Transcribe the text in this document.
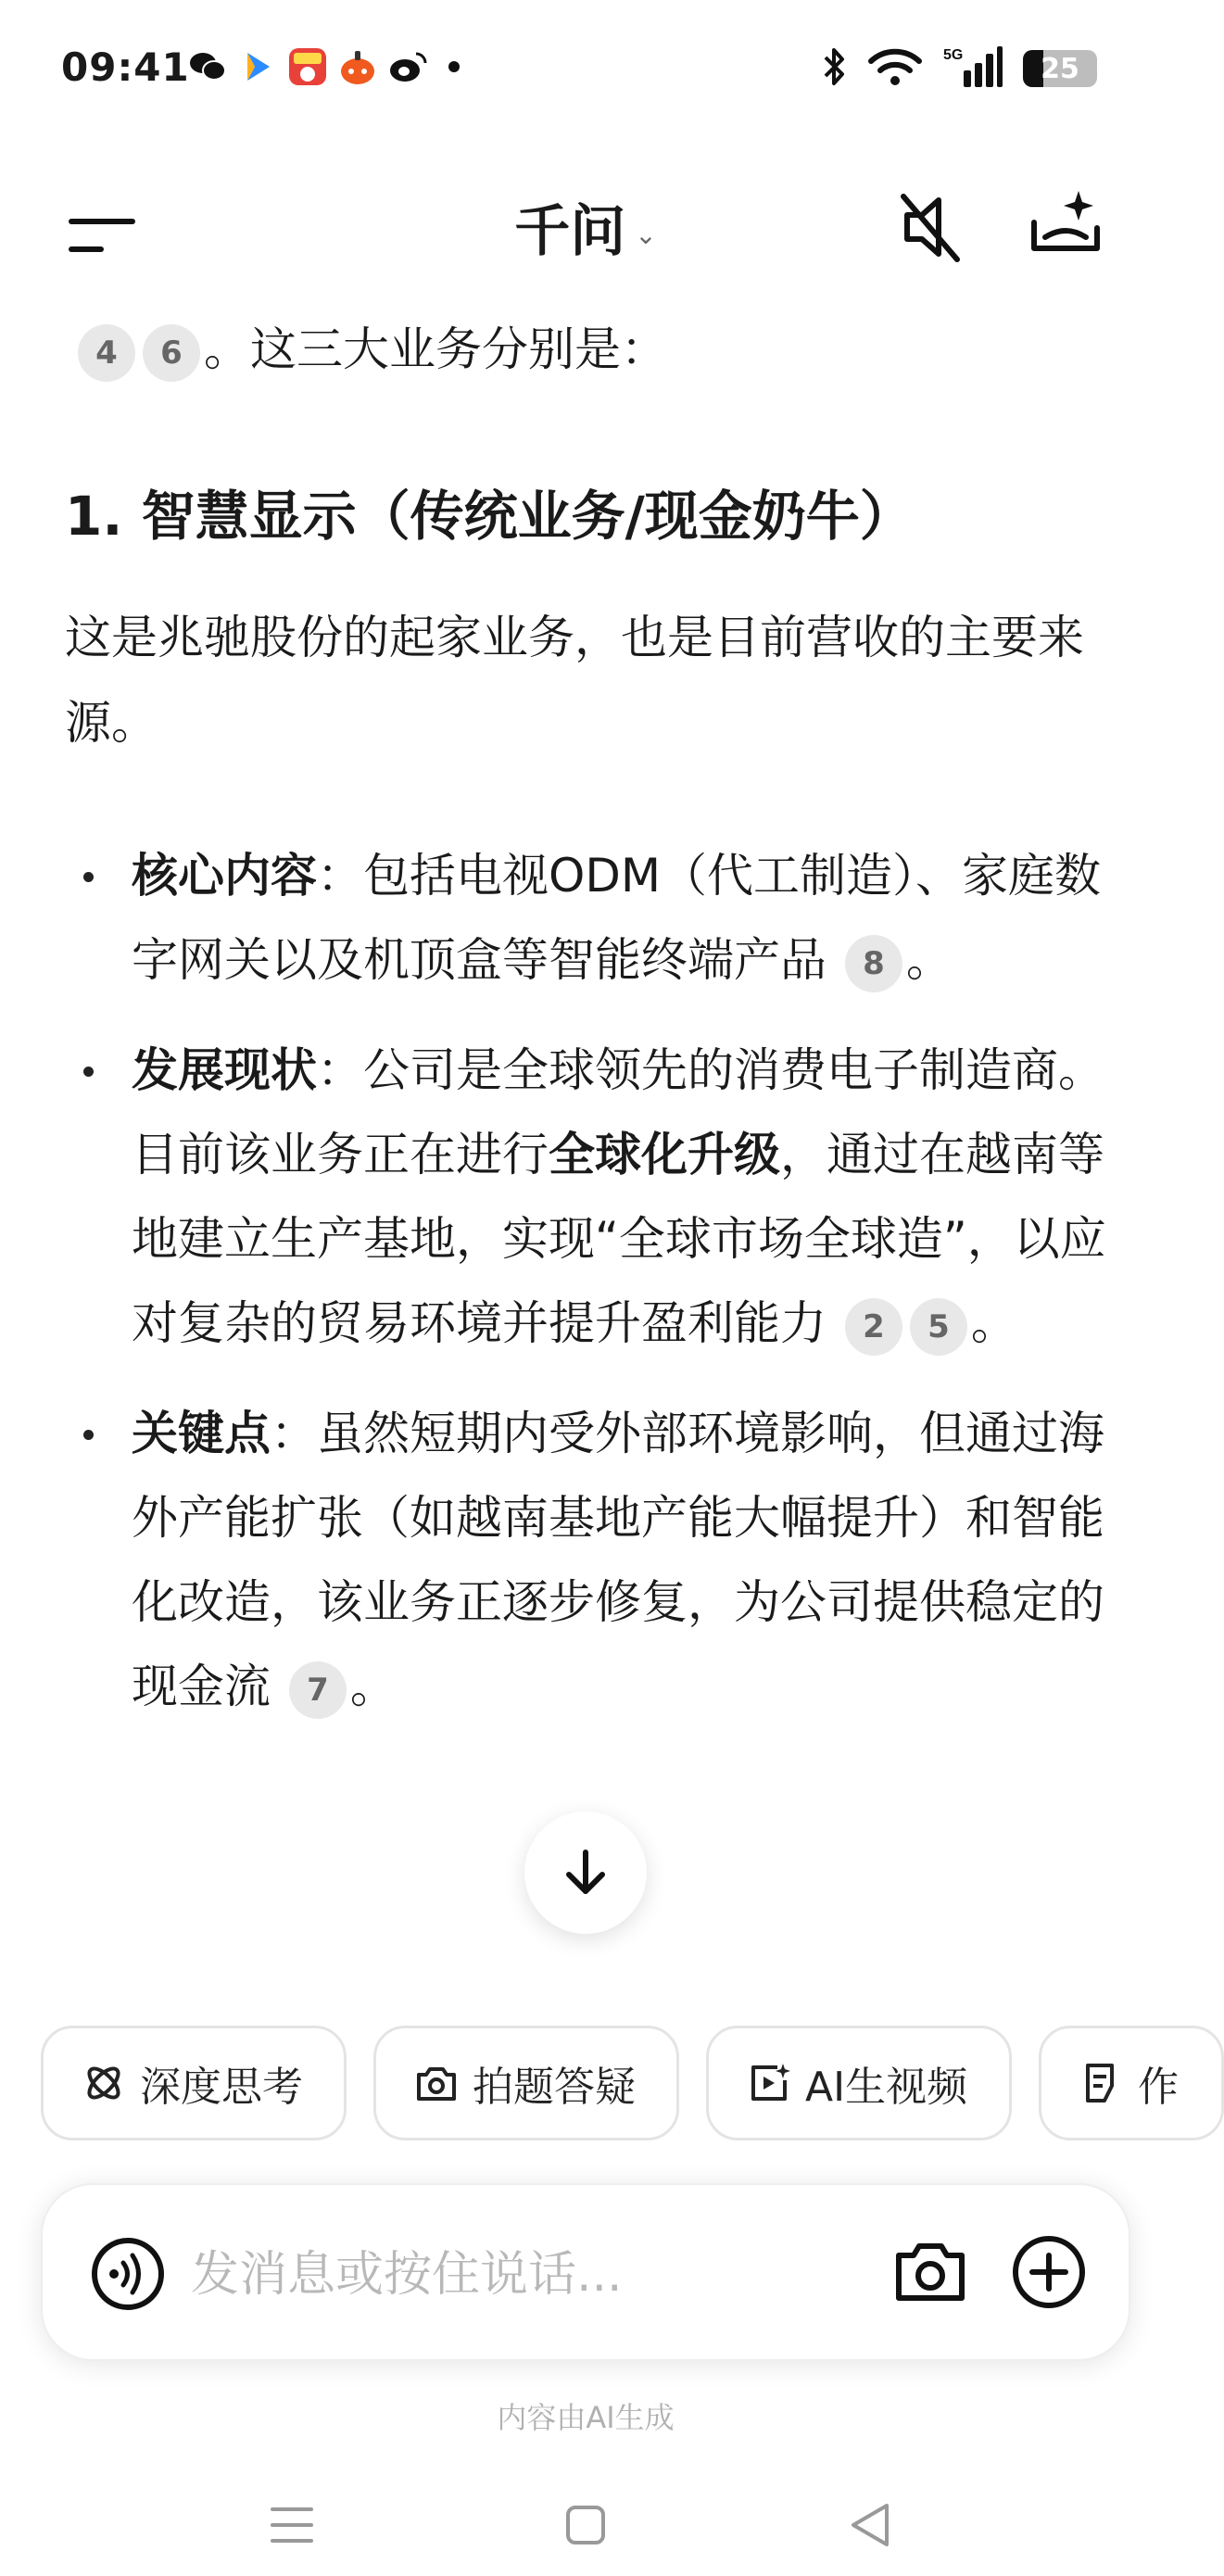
09:41	5G	25
千问 ⌄
4 6 。这三大业务分别是：
1. 智慧显示（传统业务/现金奶牛）
这是兆驰股份的起家业务，也是目前营收的主要来源。
核心内容：包括电视ODM（代工制造）、家庭数字网关以及机顶盒等智能终端产品 8 。
发展现状：公司是全球领先的消费电子制造商。目前该业务正在进行全球化升级，通过在越南等地建立生产基地，实现“全球市场全球造”，以应对复杂的贸易环境并提升盈利能力 2 5 。
关键点：虽然短期内受外部环境影响，但通过海外产能扩张（如越南基地产能大幅提升）和智能化改造，该业务正逐步修复，为公司提供稳定的现金流 7 。
深度思考	拍题答疑	AI生视频	作
发消息或按住说话...
内容由AI生成
